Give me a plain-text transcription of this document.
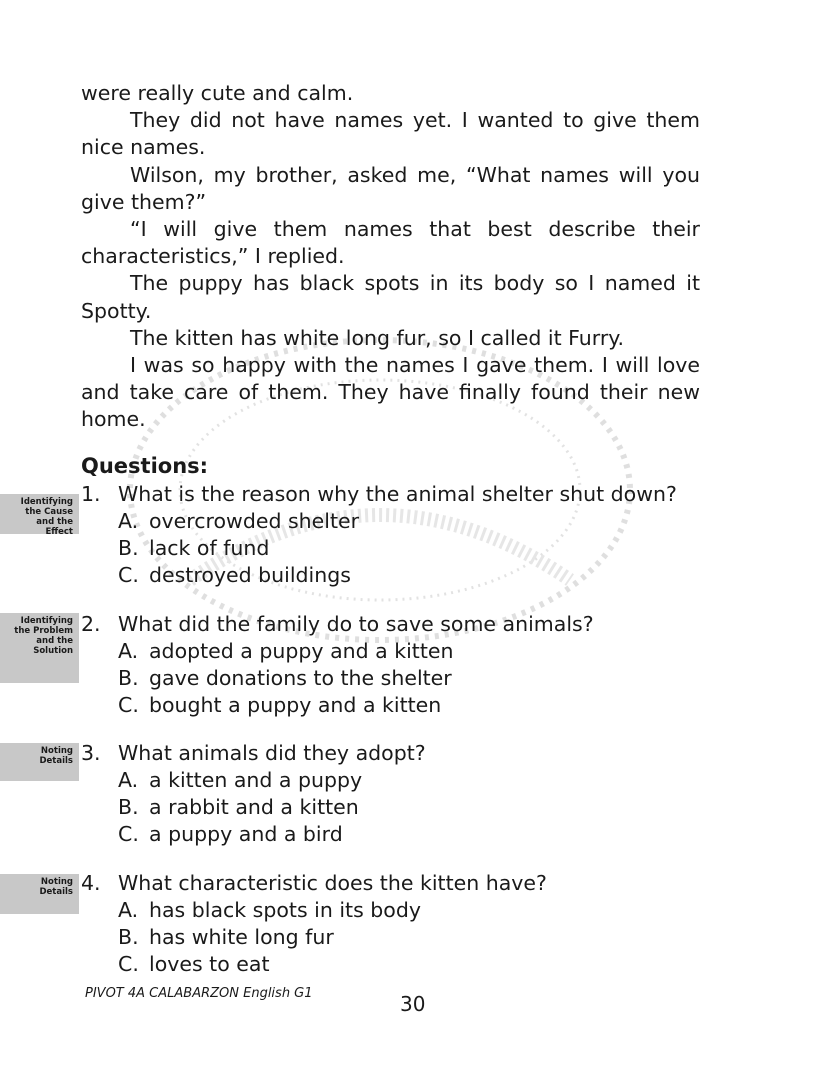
were really cute and calm.

They did not have names yet. I wanted to give them nice names.

Wilson, my brother, asked me, “What names will you give them?”

“I will give them names that best describe their characteristics,” I replied.

The puppy has black spots in its body so I named it Spotty.

The kitten has white long fur, so I called it Furry.

I was so happy with the names I gave them. I will love and take care of them. They have finally found their new home.

Questions:
Identifying
the Cause
and the
Effect
1. What is the reason why the animal shelter shut down?
A. overcrowded shelter
B. lack of fund
C. destroyed buildings
Identifying
the Problem
and the
Solution
2. What did the family do to save some animals?
A. adopted a puppy and a kitten
B. gave donations to the shelter
C. bought a puppy and a kitten
Noting
Details 3. What animals did they adopt?
A. a kitten and a puppy
B. a rabbit and a kitten
C. a puppy and a bird
Noting
Details 4. What characteristic does the kitten have?
A. has black spots in its body
B. has white long fur
C. loves to eat
PIVOT 4A CALABARZON English G1	30
